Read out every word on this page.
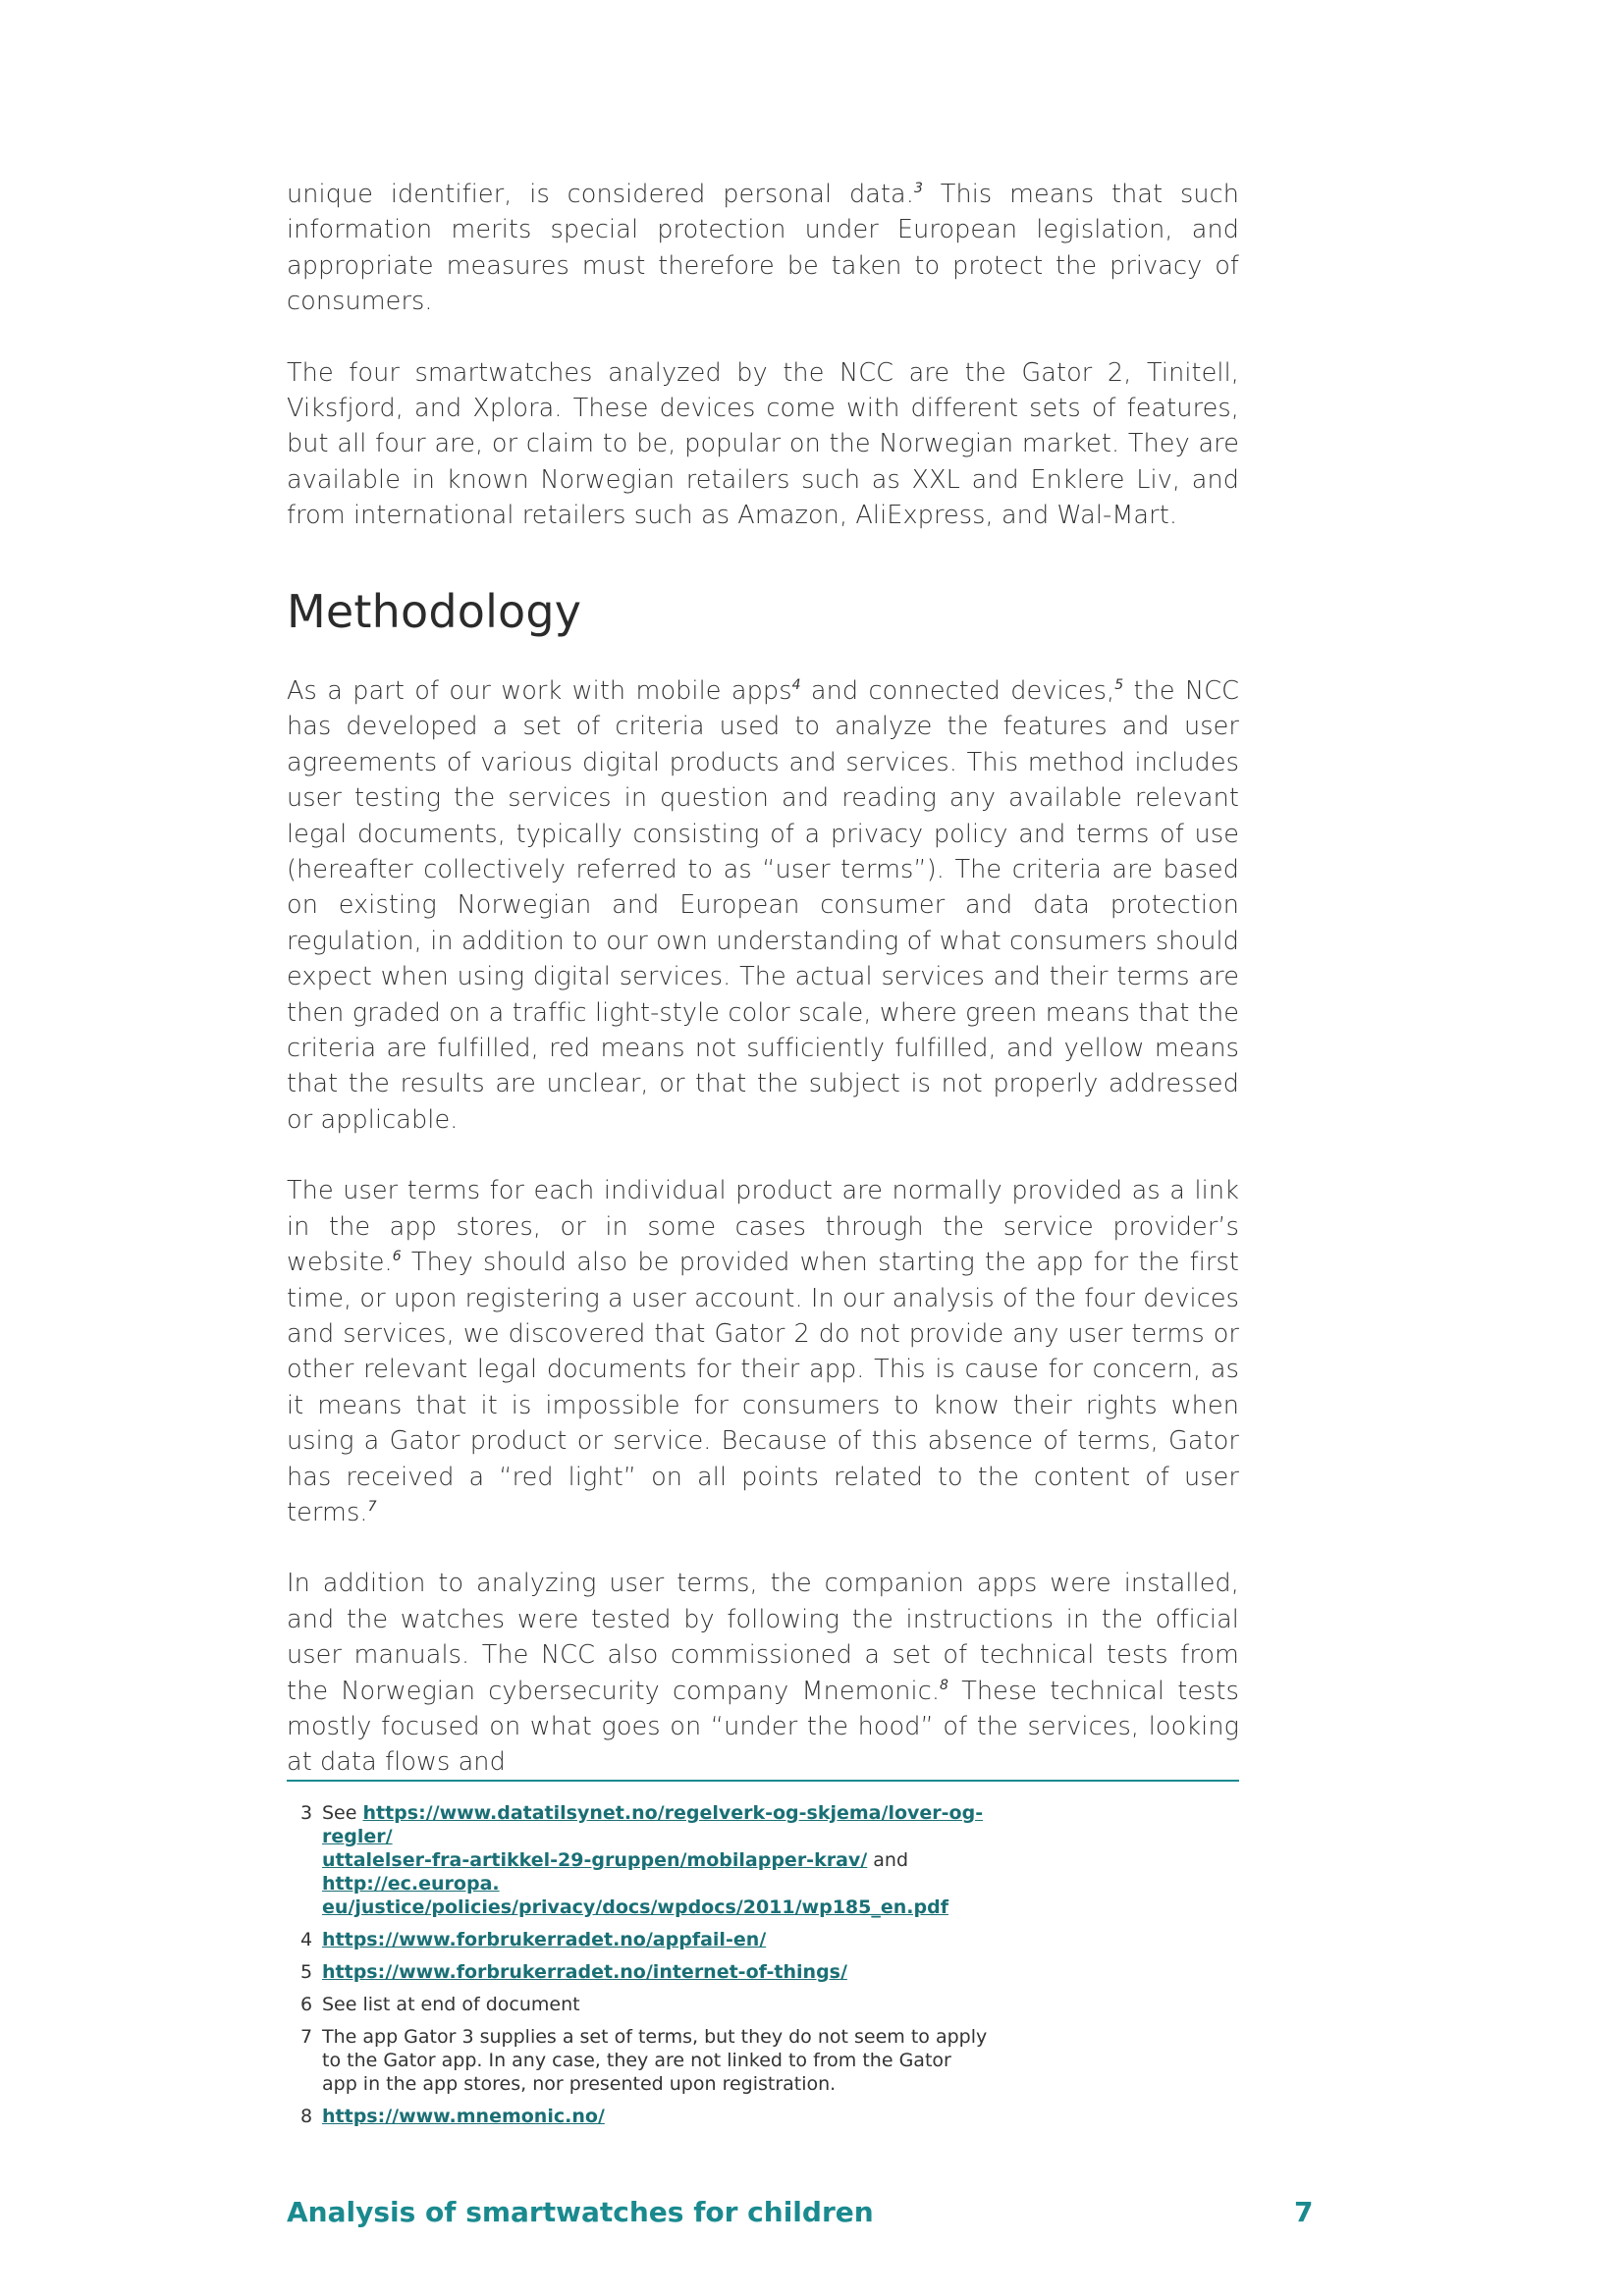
unique identifier, is considered personal data.$^3$ This means that such information merits special protection under European legislation, and appropriate measures must therefore be taken to protect the privacy of consumers.

The four smartwatches analyzed by the NCC are the Gator 2, Tinitell, Viksfjord, and Xplora. These devices come with different sets of features, but all four are, or claim to be, popular on the Norwegian market. They are available in known Norwegian retailers such as XXL and Enklere Liv, and from international retailers such as Amazon, AliExpress, and Wal-Mart.

Methodology

As a part of our work with mobile apps$^4$ and connected devices,$^5$ the NCC has developed a set of criteria used to analyze the features and user agreements of various digital products and services. This method includes user testing the services in question and reading any available relevant legal documents, typically consisting of a privacy policy and terms of use (hereafter collectively referred to as “user terms”). The criteria are based on existing Norwegian and European consumer and data protection regulation, in addition to our own understanding of what consumers should expect when using digital services. The actual services and their terms are then graded on a traffic light-style color scale, where green means that the criteria are fulfilled, red means not sufficiently fulfilled, and yellow means that the results are unclear, or that the subject is not properly addressed or applicable.

The user terms for each individual product are normally provided as a link in the app stores, or in some cases through the service provider’s website.$^6$ They should also be provided when starting the app for the first time, or upon registering a user account. In our analysis of the four devices and services, we discovered that Gator 2 do not provide any user terms or other relevant legal documents for their app. This is cause for concern, as it means that it is impossible for consumers to know their rights when using a Gator product or service. Because of this absence of terms, Gator has received a “red light” on all points related to the content of user terms.$^7$

In addition to analyzing user terms, the companion apps were installed, and the watches were tested by following the instructions in the official user manuals. The NCC also commissioned a set of technical tests from the Norwegian cybersecurity company Mnemonic.$^8$ These technical tests mostly focused on what goes on “under the hood” of the services, looking at data flows and

3 See https://www.datatilsynet.no/regelverk-og-skjema/lover-og-regler/
uttalelser-fra-artikkel-29-gruppen/mobilapper-krav/ and http://ec.europa.
eu/justice/policies/privacy/docs/wpdocs/2011/wp185_en.pdf
4 https://www.forbrukerradet.no/appfail-en/
5 https://www.forbrukerradet.no/internet-of-things/
6 See list at end of document
7 The app Gator 3 supplies a set of terms, but they do not seem to apply
to the Gator app. In any case, they are not linked to from the Gator
app in the app stores, nor presented upon registration.
8 https://www.mnemonic.no/

Analysis of smartwatches for children	7
